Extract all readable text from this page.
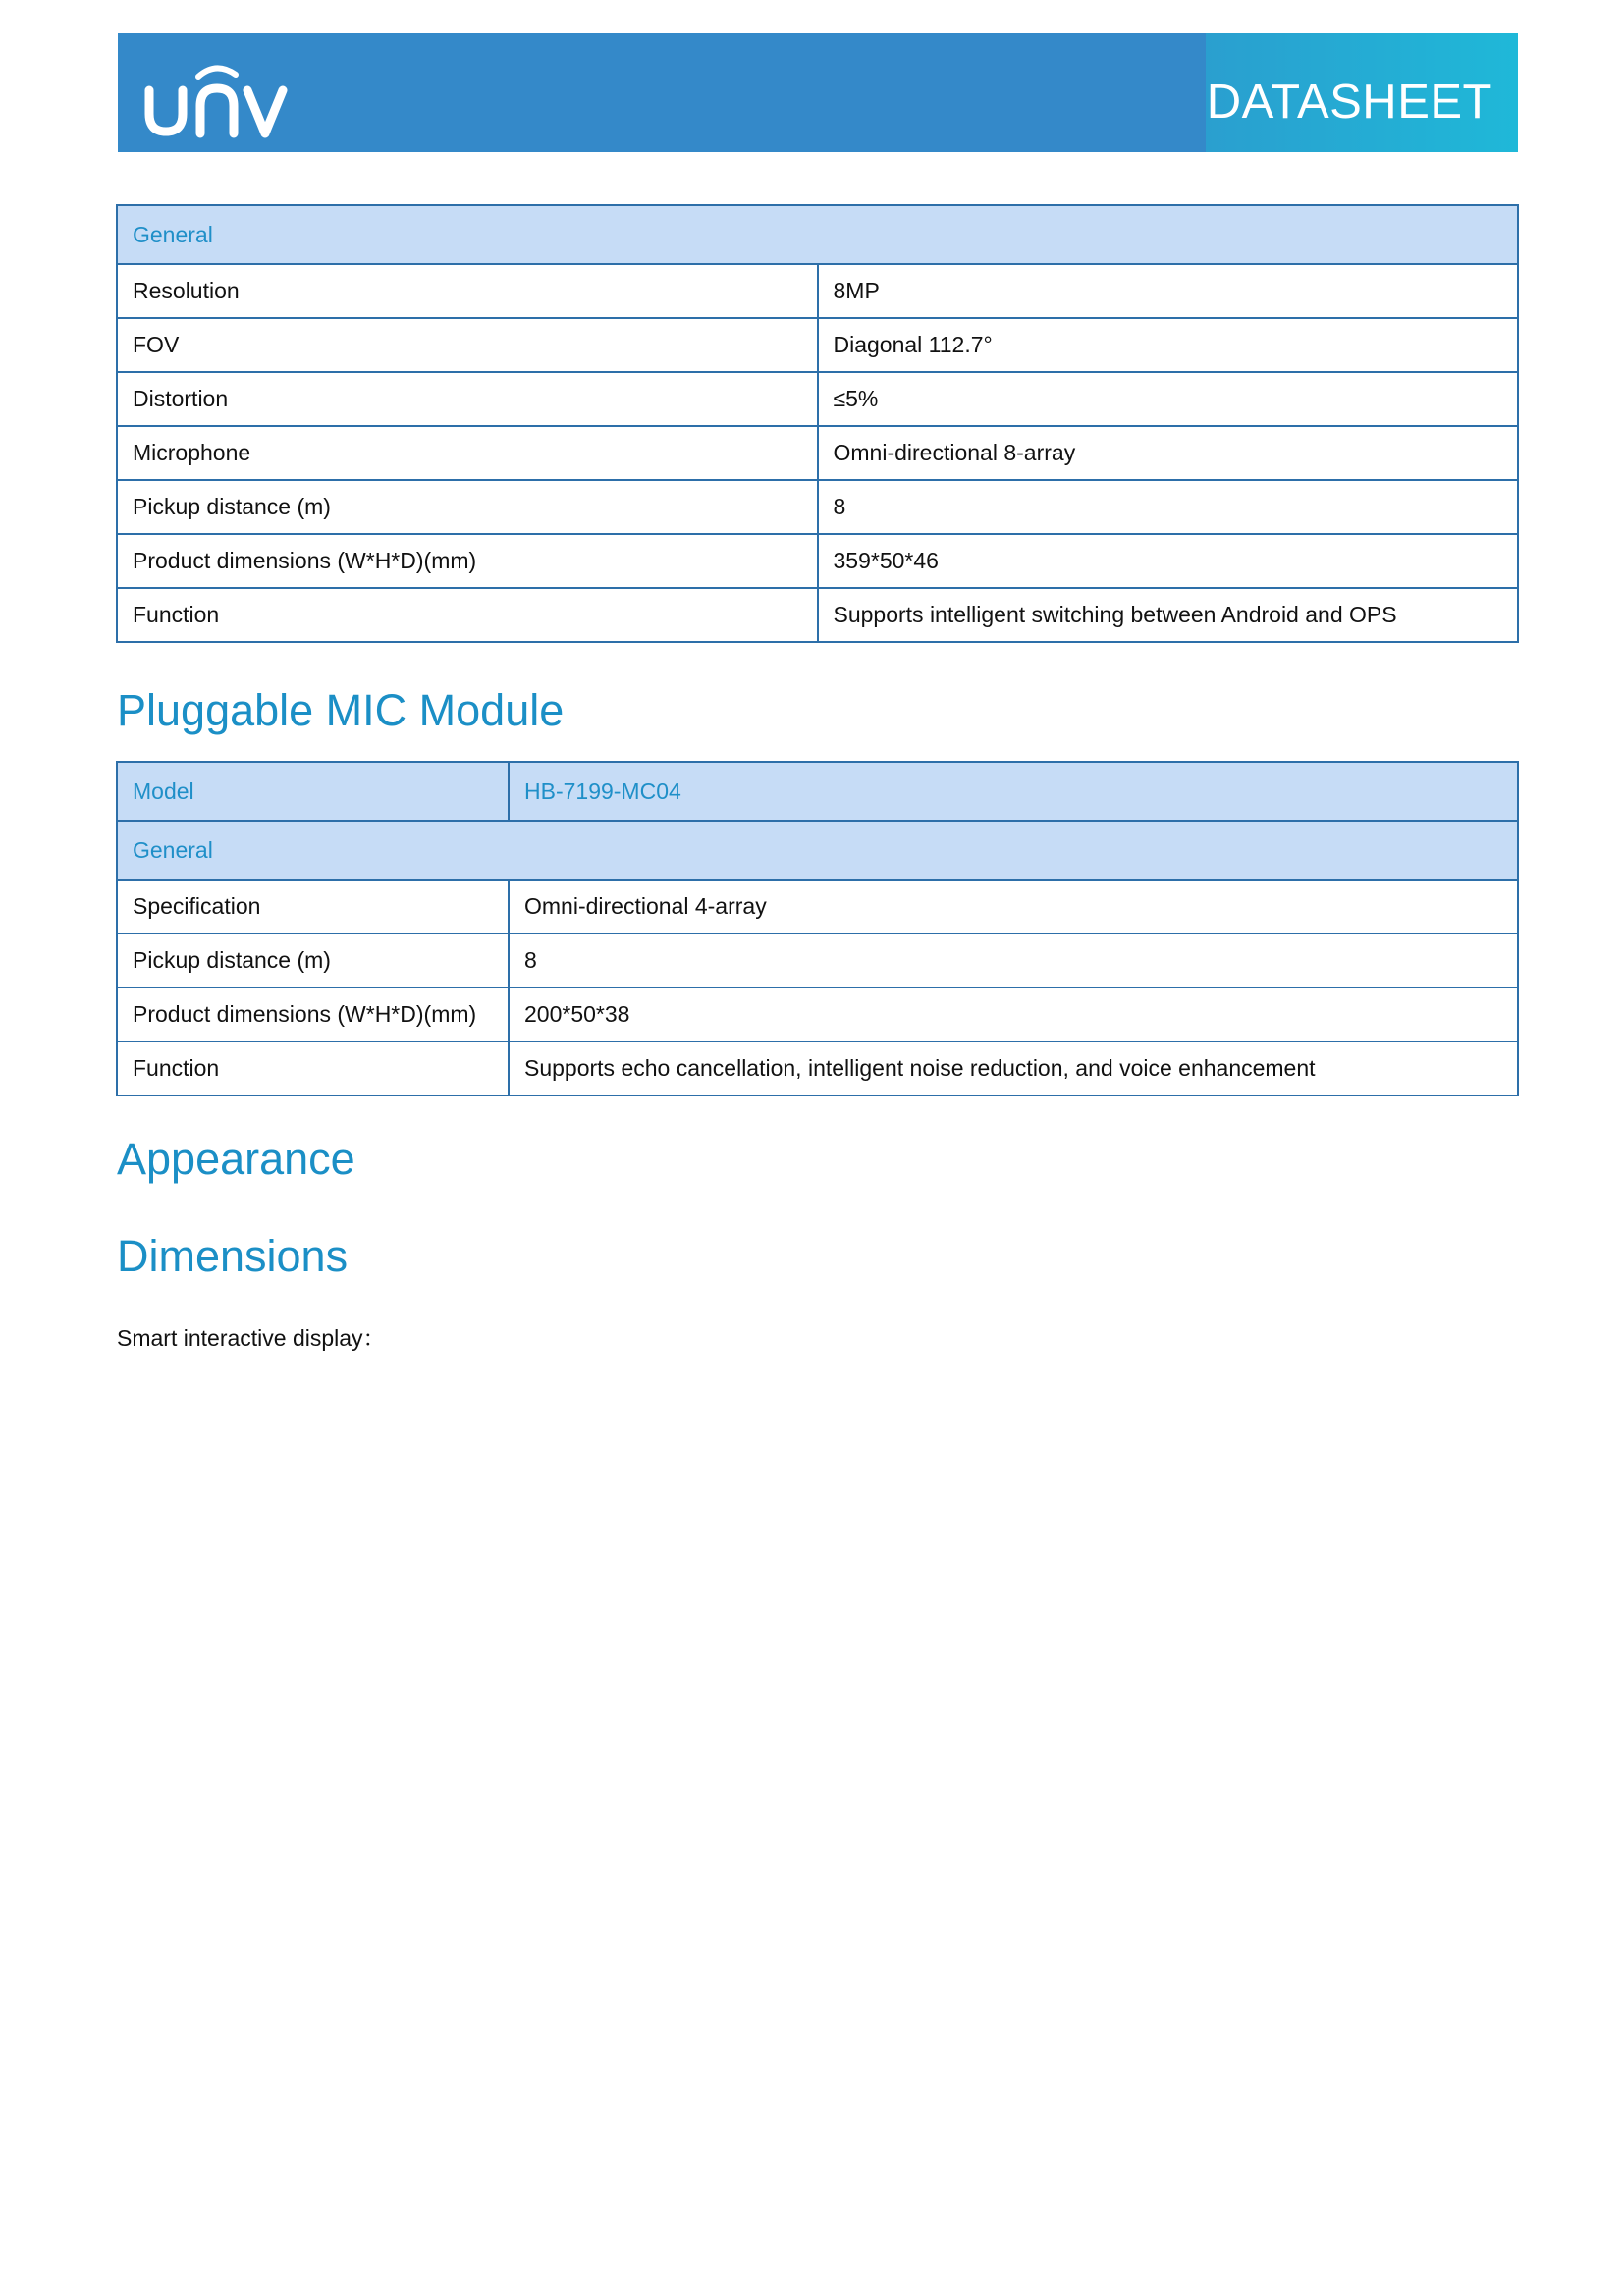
DATASHEET
General	
Resolution	8MP
FOV	Diagonal 112.7°
Distortion	≤5%
Microphone	Omni-directional 8-array
Pickup distance (m)	8
Product dimensions (W*H*D)(mm)	359*50*46
Function	Supports intelligent switching between Android and OPS
Pluggable MIC Module
Model	HB-7199-MC04
General	
Specification	Omni-directional 4-array
Pickup distance (m)	8
Product dimensions (W*H*D)(mm)	200*50*38
Function	Supports echo cancellation, intelligent noise reduction, and voice enhancement
Appearance
Dimensions
Smart interactive display：
